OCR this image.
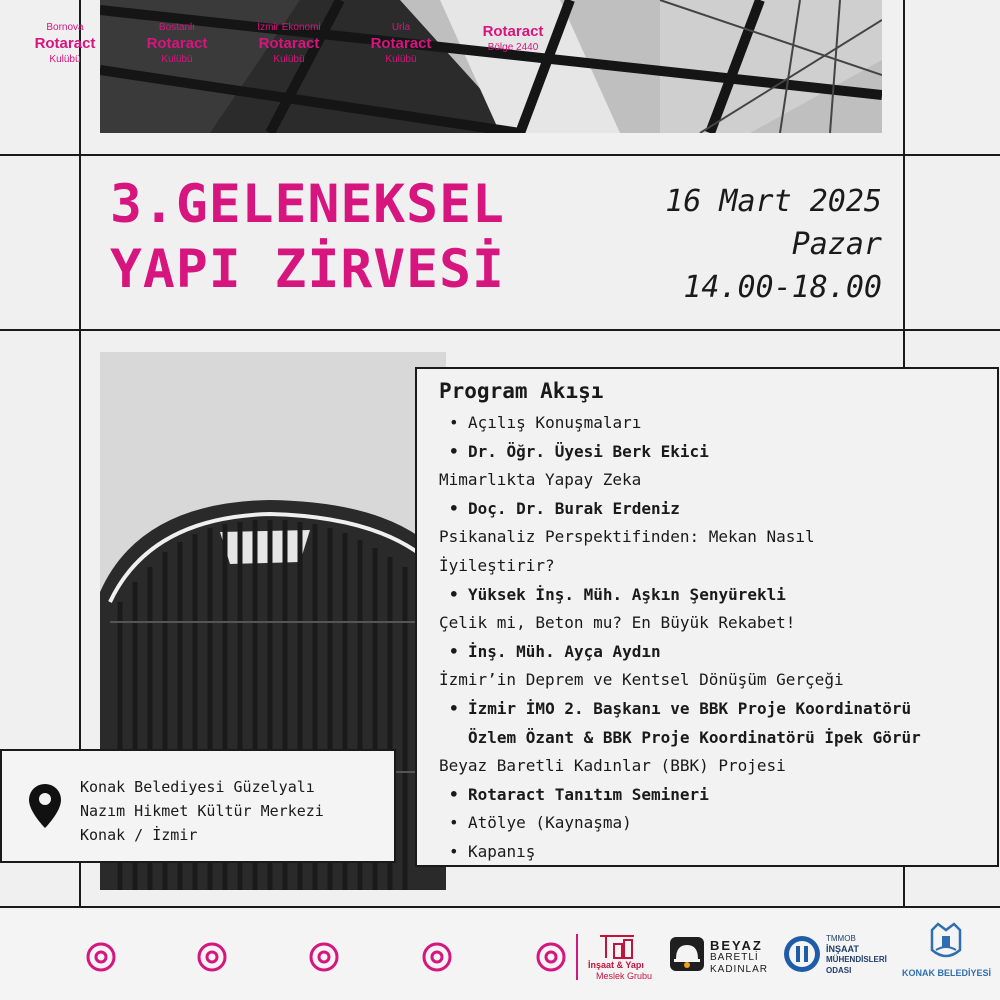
3.GELENEKSEL
YAPI ZİRVESİ
16 Mart 2025
Pazar
14.00-18.00
Program Akışı
• Açılış Konuşmaları
• Dr. Öğr. Üyesi Berk Ekici
Mimarlıkta Yapay Zeka
• Doç. Dr. Burak Erdeniz
Psikanaliz Perspektifinden: Mekan Nasıl
İyileştirir?
• Yüksek İnş. Müh. Aşkın Şenyürekli
Çelik mi, Beton mu? En Büyük Rekabet!
• İnş. Müh. Ayça Aydın
İzmir’in Deprem ve Kentsel Dönüşüm Gerçeği
• İzmir İMO 2. Başkanı ve BBK Proje Koordinatörü
Özlem Özant & BBK Proje Koordinatörü İpek Görür
Beyaz Baretli Kadınlar (BBK) Projesi
• Rotaract Tanıtım Semineri
• Atölye (Kaynaşma)
• Kapanış
Konak Belediyesi Güzelyalı
Nazım Hikmet Kültür Merkezi
Konak / İzmir
Bornova
Rotaract
Kulübü
Bostanlı
Rotaract
Kulübü
İzmir Ekonomi
Rotaract
Kulübü
Urla
Rotaract
Kulübü
Rotaract
Bölge 2440
İnşaat & Yapı
Meslek Grubu
BEYAZ
BARETLİ
KADINLAR
TMMOB
İNŞAAT
MÜHENDİSLERİ
ODASI	KONAK BELEDİYESİ
